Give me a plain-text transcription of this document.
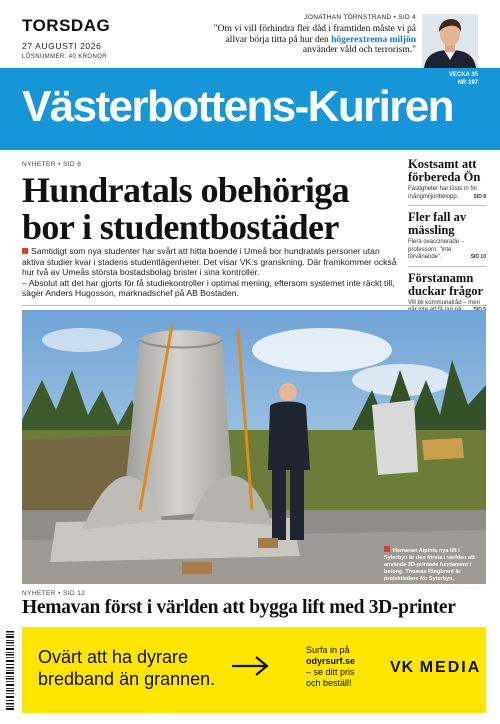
TORSDAG
27 AUGUSTI 2026
LÖSNUMMER: 40 KRONOR
JONATHAN TÖRNSTRAND • SID 4
"Om vi vill förhindra fler dåd i framtiden måste vi på allvar börja titta på hur den högerextrema miljön använder våld och terrorism."
Västerbottens-Kuriren
VECKA 35
NR 197
NYHETER • SID 6
Hundratals obehöriga
bor i studentbostäder

Samtidigt som nya studenter har svårt att hitta boende i Umeå bor hundratals personer utan aktiva studier kvar i stadens studentlägenheter. Det visar VK:s granskning. Där framkommer också hur två av Umeås största bostadsbolag brister i sina kontroller.

– Absolut att det har gjorts för få studiekontroller i optimal mening, eftersom systemet inte räckt till, säger Anders Hugosson, marknadschef på AB Bostaden.

Kostsamt att förbereda Ön
Fastigheter har lösts in för mångmiljonbelopp.	SID 8
Fler fall av mässling
Flera ovaccinerade – professorn: "inte förvånande".	SID 10
Förstanamn duckar frågor
Vill bli kommunalråd – men
Hemavan Alpints nya lift i Syterbyn är den första i världen att använda 3D-printade fundament i betong. Thomas Ringbrant är projektledare för Syterbyn.
FOTO: IRA TENGHALL
NYHETER • SID 12
Hemavan först i världen att bygga lift med 3D-printer
Ovärt att ha dyrare
bredband än grannen.
Surfa in på
odyrsurf.se
– se ditt pris
och beställ!
VK MEDIA
